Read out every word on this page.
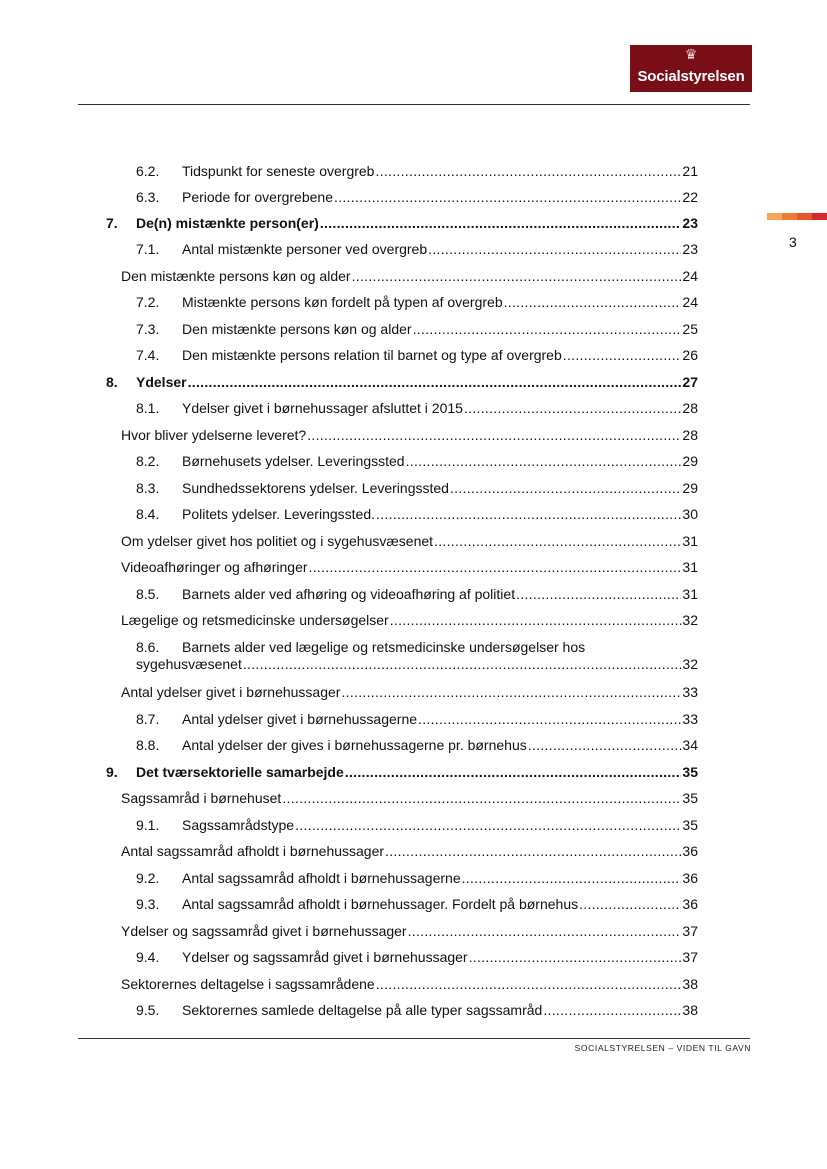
♛
Socialstyrelsen
3
6.2.	Tidspunkt for seneste overgreb .....	21
6.3.	Periode for overgrebene .....	22
7.	De(n) mistænkte person(er) .....	23
7.1.	Antal mistænkte personer ved overgreb .....	23
Den mistænkte persons køn og alder .....	24
7.2.	Mistænkte persons køn fordelt på typen af overgreb .....	24
7.3.	Den mistænkte persons køn og alder .....	25
7.4.	Den mistænkte persons relation til barnet og type af overgreb .....	26
8.	Ydelser .....	27
8.1.	Ydelser givet i børnehussager afsluttet i 2015 .....	28
Hvor bliver ydelserne leveret? .....	28
8.2.	Børnehusets ydelser. Leveringssted .....	29
8.3.	Sundhedssektorens ydelser. Leveringssted .....	29
8.4.	Politets ydelser. Leveringssted. .....	30
Om ydelser givet hos politiet og i sygehusvæsenet .....	31
Videoafhøringer og afhøringer .....	31
8.5.	Barnets alder ved afhøring og videoafhøring af politiet .....	31
Lægelige og retsmedicinske undersøgelser .....	32
8.6.	Barnets alder ved lægelige og retsmedicinske undersøgelser hos
sygehusvæsenet .....	32
Antal ydelser givet i børnehussager .....	33
8.7.	Antal ydelser givet i børnehussagerne .....	33
8.8.	Antal ydelser der gives i børnehussagerne pr. børnehus .....	34
9.	Det tværsektorielle samarbejde .....	35
Sagssamråd i børnehuset .....	35
9.1.	Sagssamrådstype .....	35
Antal sagssamråd afholdt i børnehussager .....	36
9.2.	Antal sagssamråd afholdt i børnehussagerne .....	36
9.3.	Antal sagssamråd afholdt i børnehussager. Fordelt på børnehus .....	36
Ydelser og sagssamråd givet i børnehussager .....	37
9.4.	Ydelser og sagssamråd givet i børnehussager .....	37
Sektorernes deltagelse i sagssamrådene .....	38
9.5.	Sektorernes samlede deltagelse på alle typer sagssamråd .....	38
SOCIALSTYRELSEN – VIDEN TIL GAVN
